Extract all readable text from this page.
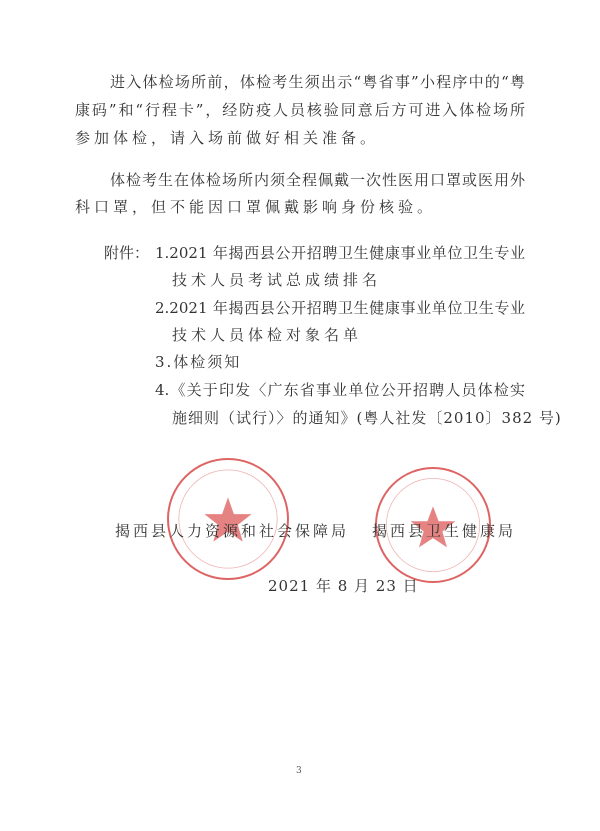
进入体检场所前，体检考生须出示“粤省事”小程序中的“粤
康码”和“行程卡”，经防疫人员核验同意后方可进入体检场所
参加体检，请入场前做好相关准备。
体检考生在体检场所内须全程佩戴一次性医用口罩或医用外
科口罩，但不能因口罩佩戴影响身份核验。
附件： 1.2021 年揭西县公开招聘卫生健康事业单位卫生专业
技术人员考试总成绩排名
2.2021 年揭西县公开招聘卫生健康事业单位卫生专业
技术人员体检对象名单
3.体检须知
4.《关于印发〈广东省事业单位公开招聘人员体检实
施细则（试行）〉的通知》(粤人社发〔2010〕382 号)
揭西县人力资源和社会保障局 揭西县卫生健康局
2021 年 8 月 23 日
3
